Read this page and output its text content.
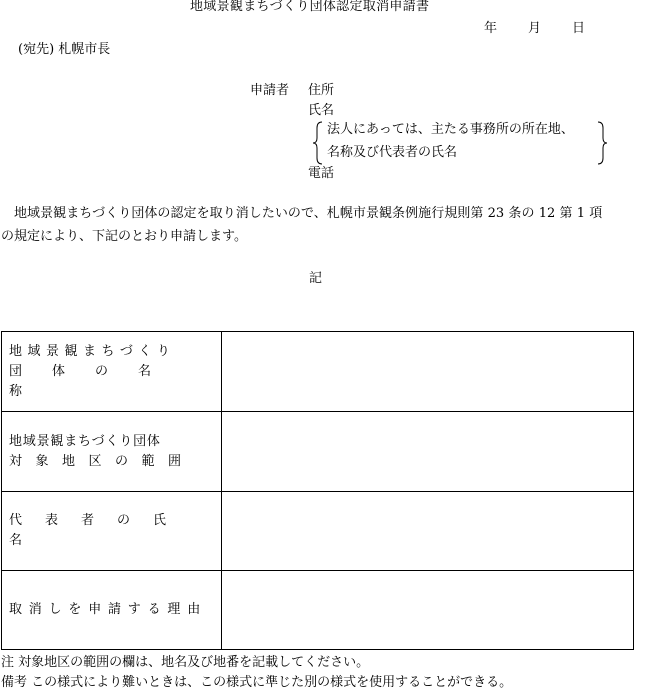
地域景観まちづくり団体認定取消申請書
年 月 日
(宛先) 札幌市長
申請者 住所
氏名
法人にあっては、主たる事務所の所在地、
名称及び代表者の氏名
電話
地域景観まちづくり団体の認定を取り消したいので、札幌市景観条例施行規則第 23 条の 12 第 1 項
の規定により、下記のとおり申請します。
記
地域景観まちづくり
団体の名称	

地域景観まちづくり団体
対象地区の範囲	

代表者の氏名	

取消しを申請する理由	

注 対象地区の範囲の欄は、地名及び地番を記載してください。
備考 この様式により難いときは、この様式に準じた別の様式を使用することができる。
